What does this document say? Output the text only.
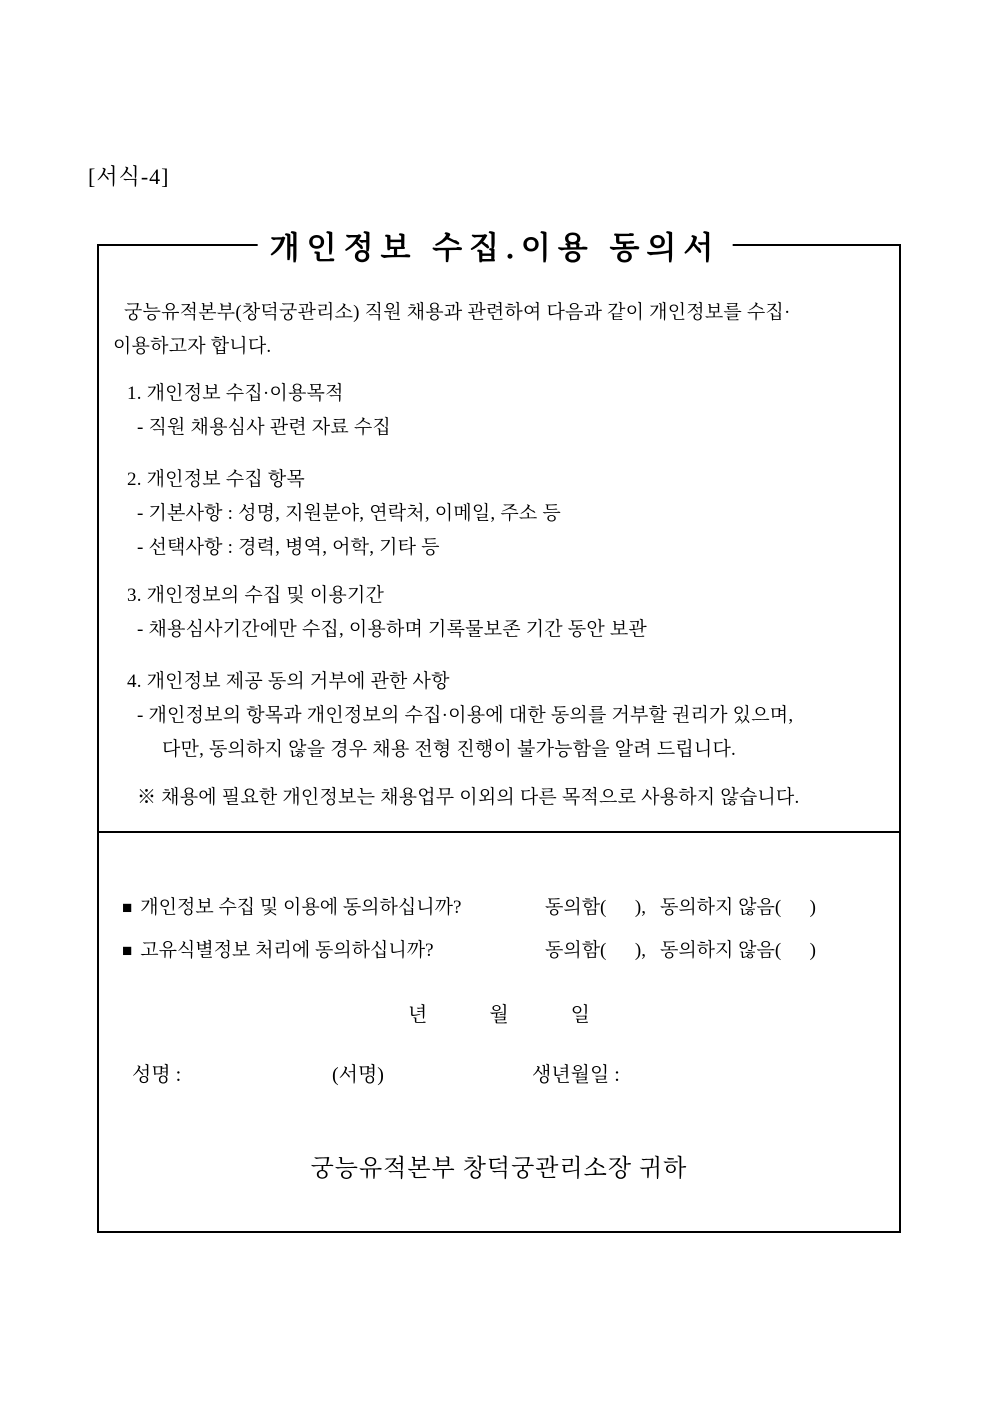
[서식-4]
개인정보 수집.이용 동의서
궁능유적본부(창덕궁관리소) 직원 채용과 관련하여 다음과 같이 개인정보를 수집·
이용하고자 합니다.
1. 개인정보 수집·이용목적
- 직원 채용심사 관련 자료 수집
2. 개인정보 수집 항목
- 기본사항 : 성명, 지원분야, 연락처, 이메일, 주소 등
- 선택사항 : 경력, 병역, 어학, 기타 등
3. 개인정보의 수집 및 이용기간
- 채용심사기간에만 수집, 이용하며 기록물보존 기간 동안 보관
4. 개인정보 제공 동의 거부에 관한 사항
- 개인정보의 항목과 개인정보의 수집·이용에 대한 동의를 거부할 권리가 있으며,
다만, 동의하지 않을 경우 채용 전형 진행이 불가능함을 알려 드립니다.
※ 채용에 필요한 개인정보는 채용업무 이외의 다른 목적으로 사용하지 않습니다.
■ 개인정보 수집 및 이용에 동의하십니까?	동의함(      ), 동의하지 않음(      )
■ 고유식별정보 처리에 동의하십니까?	동의함(      ), 동의하지 않음(      )
년	월	일
성명 :	(서명)	생년월일 :
궁능유적본부 창덕궁관리소장 귀하
